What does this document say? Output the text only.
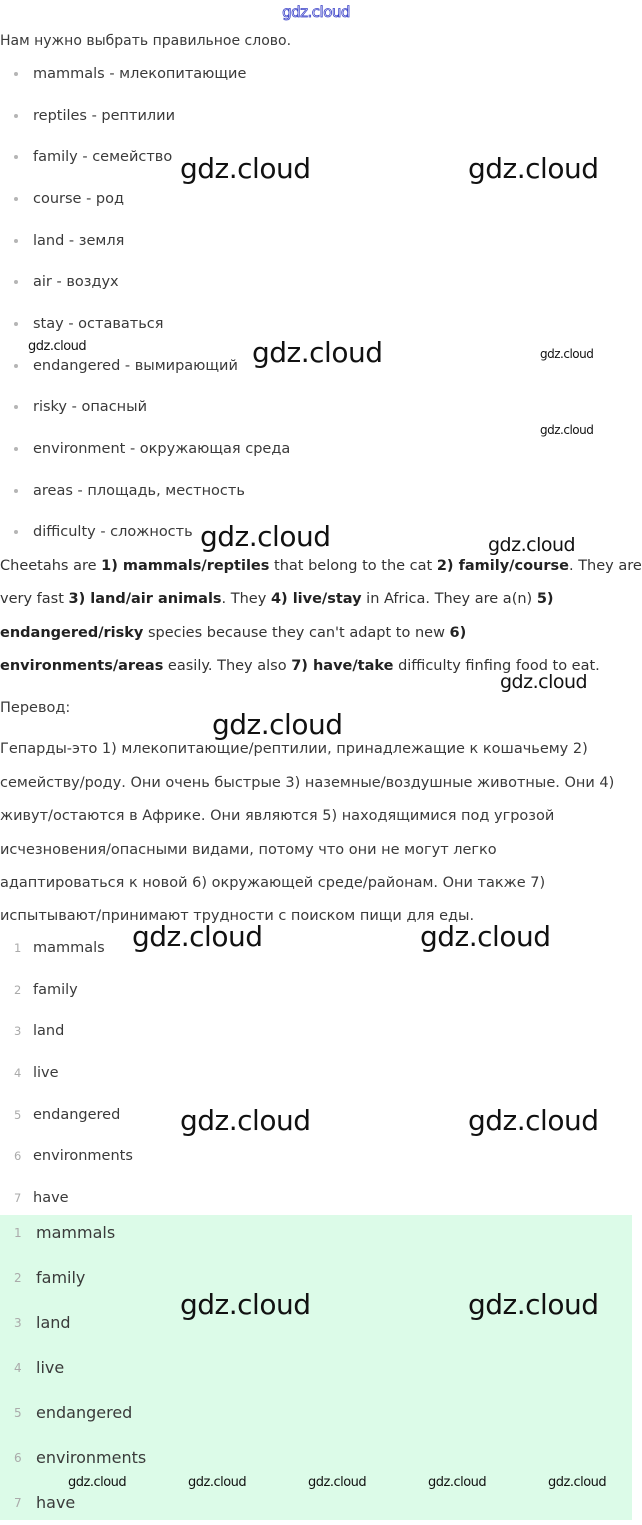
gdz.cloud
Нам нужно выбрать правильное слово.
mammals - млекопитающие
reptiles - рептилии
family - семейство
course - род
land - земля
air - воздух
stay - оставаться
endangered - вымирающий
risky - опасный
environment - окружающая среда
areas - площадь, местность
difficulty - сложность
Cheetahs are 1) mammals/reptiles that belong to the cat 2) family/course. They are
very fast 3) land/air animals. They 4) live/stay in Africa. They are a(n) 5)
endangered/risky species because they can't adapt to new 6)
environments/areas easily. They also 7) have/take difficulty finfing food to eat.
Перевод:
Гепарды-это 1) млекопитающие/рептилии, принадлежащие к кошачьему 2)
семейству/роду. Они очень быстрые 3) наземные/воздушные животные. Они 4)
живут/остаются в Африке. Они являются 5) находящимися под угрозой
исчезновения/опасными видами, потому что они не могут легко
адаптироваться к новой 6) окружающей среде/районам. Они также 7)
испытывают/принимают трудности с поиском пищи для еды.
1 mammals
2 family
3 land
4 live
5 endangered
6 environments
7 have
1 mammals
2 family
3 land
4 live
5 endangered
6 environments
7 have
gdz.cloud	gdz.cloud
gdz.cloud	gdz.cloud	gdz.cloud
gdz.cloud
gdz.cloud	gdz.cloud
gdz.cloud
gdz.cloud
gdz.cloud	gdz.cloud
gdz.cloud	gdz.cloud
gdz.cloud	gdz.cloud
gdz.cloud	gdz.cloud	gdz.cloud	gdz.cloud	gdz.cloud
